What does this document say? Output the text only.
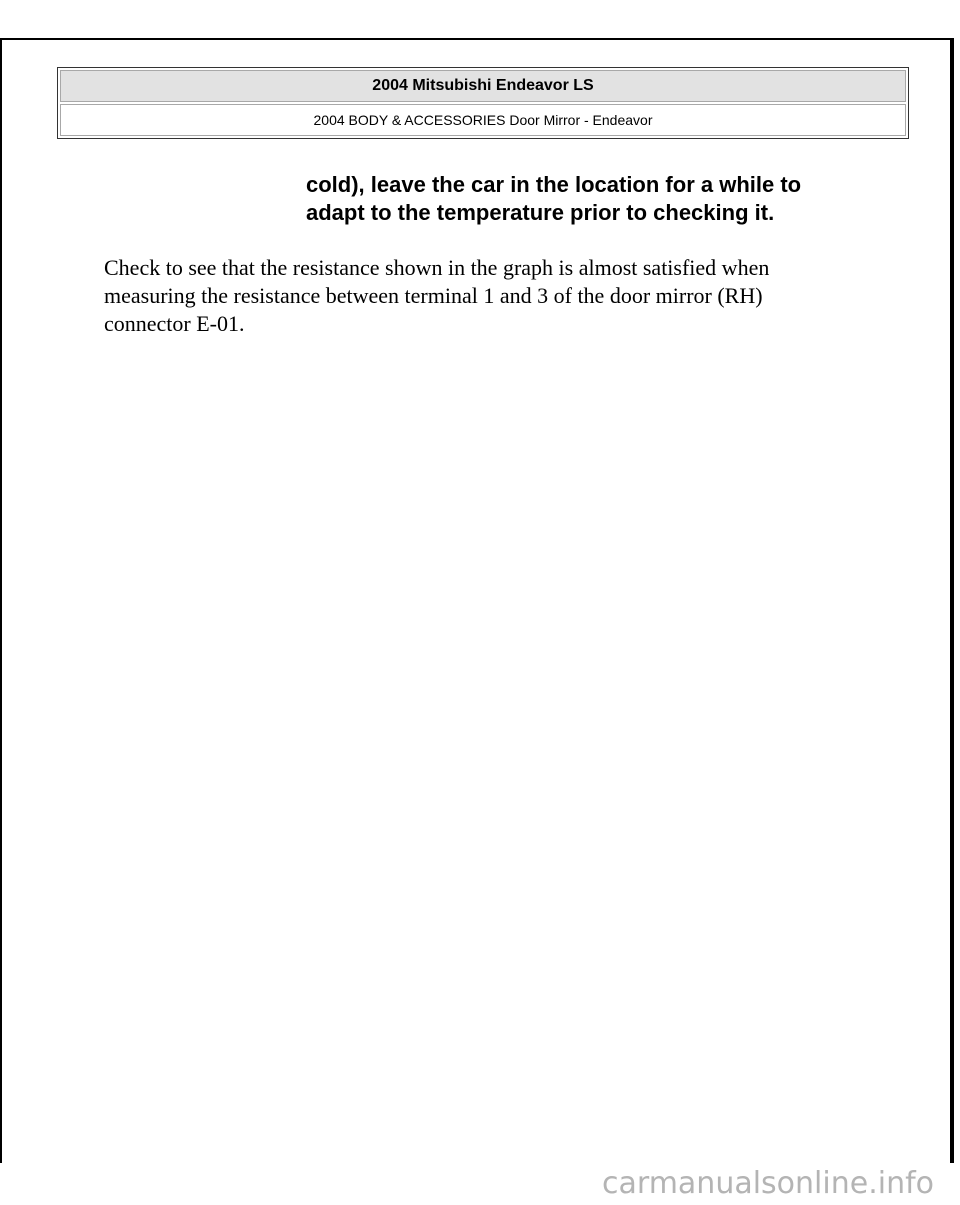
2004 Mitsubishi Endeavor LS
2004 BODY & ACCESSORIES Door Mirror - Endeavor

cold), leave the car in the location for a while to

adapt to the temperature prior to checking it.

Check to see that the resistance shown in the graph is almost satisfied when

measuring the resistance between terminal 1 and 3 of the door mirror (RH)

connector E-01.

carmanualsonline.info
